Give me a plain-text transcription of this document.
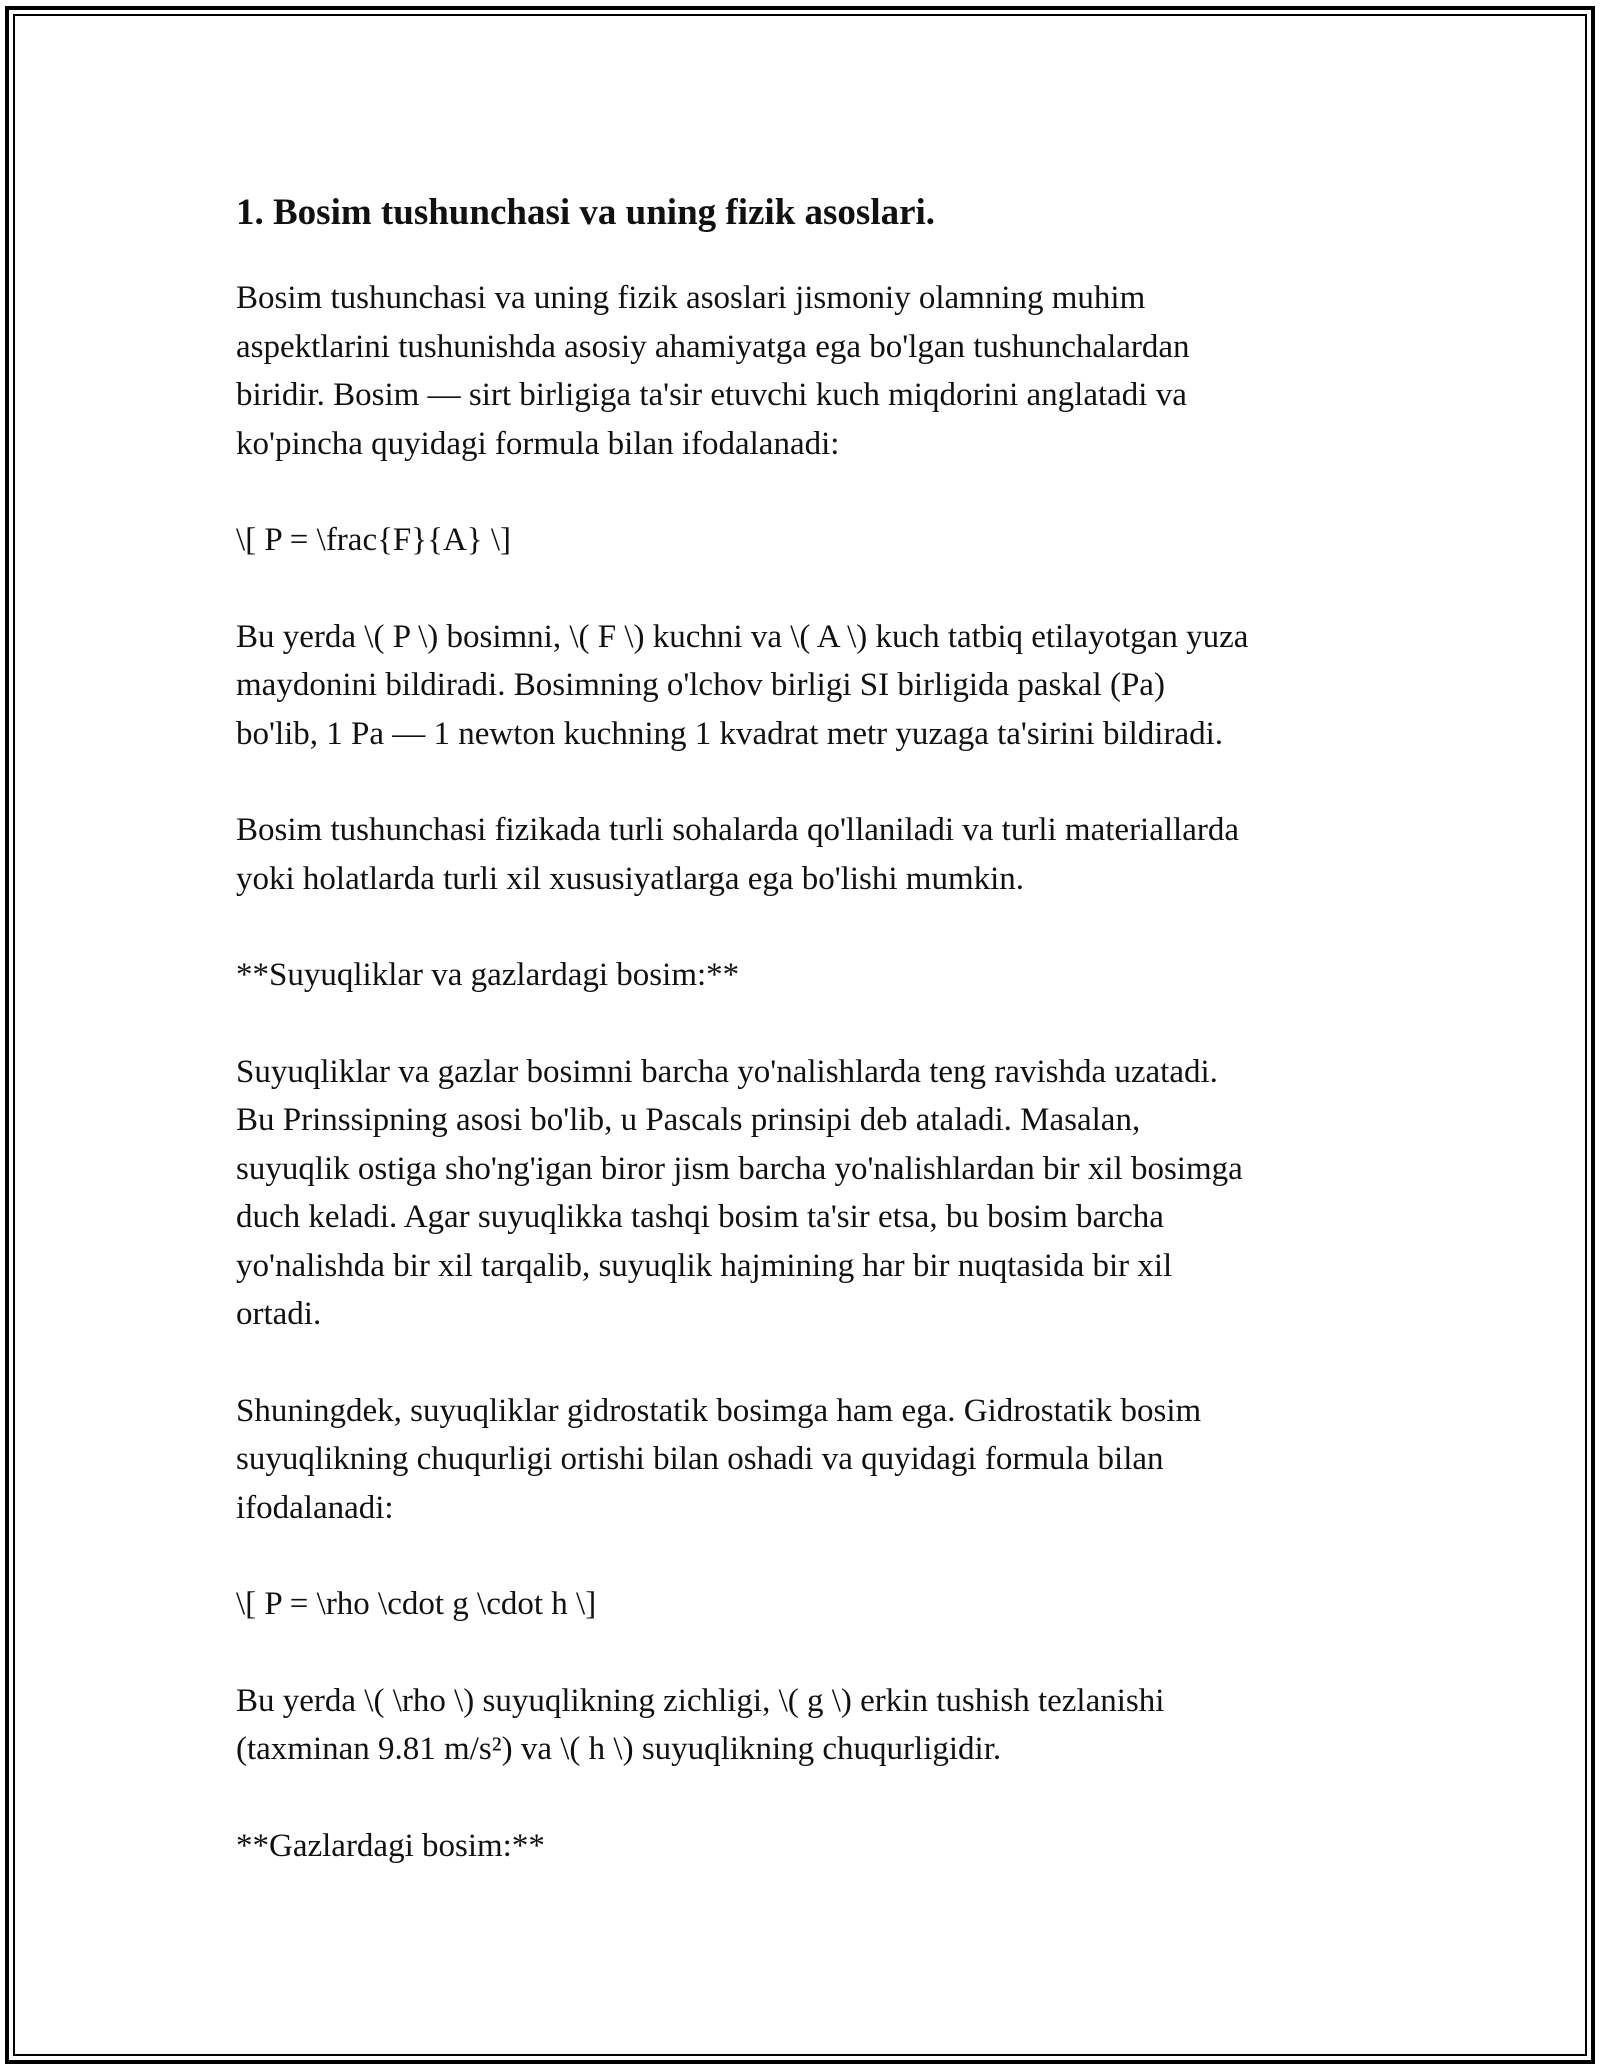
1. Bosim tushunchasi va uning fizik asoslari.

Bosim tushunchasi va uning fizik asoslari jismoniy olamning muhim
aspektlarini tushunishda asosiy ahamiyatga ega bo'lgan tushunchalardan
biridir. Bosim — sirt birligiga ta'sir etuvchi kuch miqdorini anglatadi va
ko'pincha quyidagi formula bilan ifodalanadi:

\[ P = \frac{F}{A} \]

Bu yerda \( P \) bosimni, \( F \) kuchni va \( A \) kuch tatbiq etilayotgan yuza
maydonini bildiradi. Bosimning o'lchov birligi SI birligida paskal (Pa)
bo'lib, 1 Pa — 1 newton kuchning 1 kvadrat metr yuzaga ta'sirini bildiradi.

Bosim tushunchasi fizikada turli sohalarda qo'llaniladi va turli materiallarda
yoki holatlarda turli xil xususiyatlarga ega bo'lishi mumkin.

**Suyuqliklar va gazlardagi bosim:**

Suyuqliklar va gazlar bosimni barcha yo'nalishlarda teng ravishda uzatadi.
Bu Prinssipning asosi bo'lib, u Pascals prinsipi deb ataladi. Masalan,
suyuqlik ostiga sho'ng'igan biror jism barcha yo'nalishlardan bir xil bosimga
duch keladi. Agar suyuqlikka tashqi bosim ta'sir etsa, bu bosim barcha
yo'nalishda bir xil tarqalib, suyuqlik hajmining har bir nuqtasida bir xil
ortadi.

Shuningdek, suyuqliklar gidrostatik bosimga ham ega. Gidrostatik bosim
suyuqlikning chuqurligi ortishi bilan oshadi va quyidagi formula bilan
ifodalanadi:

\[ P = \rho \cdot g \cdot h \]

Bu yerda \( \rho \) suyuqlikning zichligi, \( g \) erkin tushish tezlanishi
(taxminan 9.81 m/s²) va \( h \) suyuqlikning chuqurligidir.

**Gazlardagi bosim:**
